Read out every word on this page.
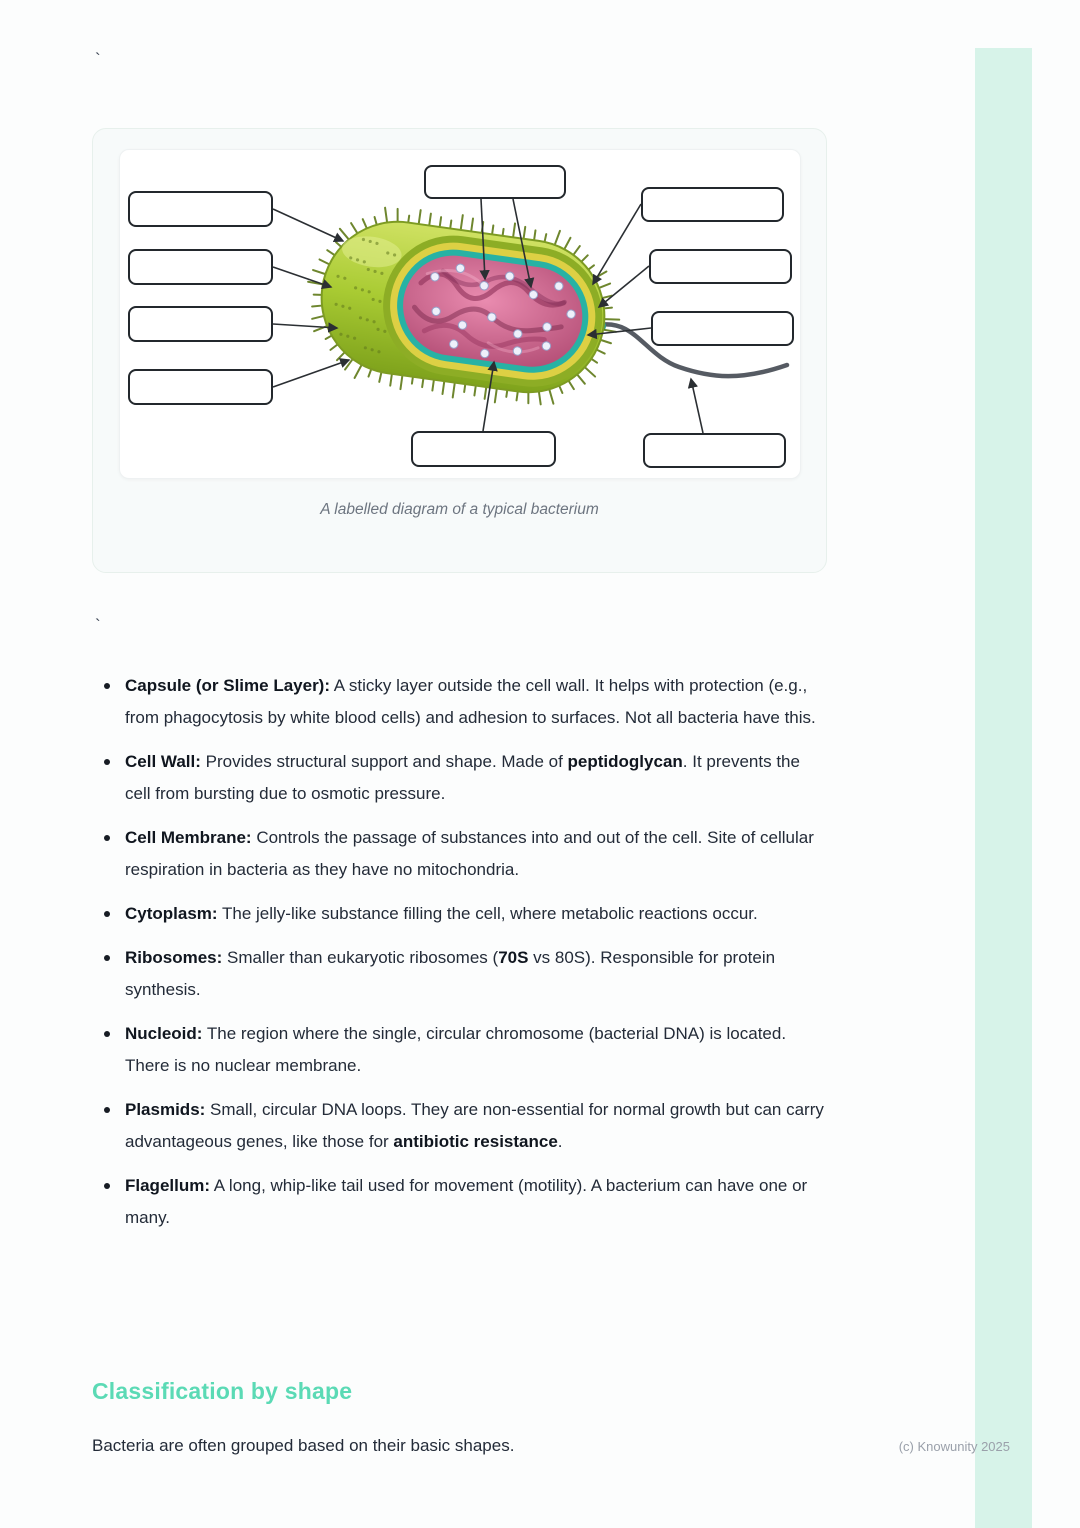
`
A labelled diagram of a typical bacterium
`
Capsule (or Slime Layer): A sticky layer outside the cell wall. It helps with protection (e.g., from phagocytosis by white blood cells) and adhesion to surfaces. Not all bacteria have this.
Cell Wall: Provides structural support and shape. Made of peptidoglycan. It prevents the cell from bursting due to osmotic pressure.
Cell Membrane: Controls the passage of substances into and out of the cell. Site of cellular respiration in bacteria as they have no mitochondria.
Cytoplasm: The jelly-like substance filling the cell, where metabolic reactions occur.
Ribosomes: Smaller than eukaryotic ribosomes (70S vs 80S). Responsible for protein synthesis.
Nucleoid: The region where the single, circular chromosome (bacterial DNA) is located. There is no nuclear membrane.
Plasmids: Small, circular DNA loops. They are non-essential for normal growth but can carry advantageous genes, like those for antibiotic resistance.
Flagellum: A long, whip-like tail used for movement (motility). A bacterium can have one or many.
Classification by shape

Bacteria are often grouped based on their basic shapes.	(c) Knowunity 2025
